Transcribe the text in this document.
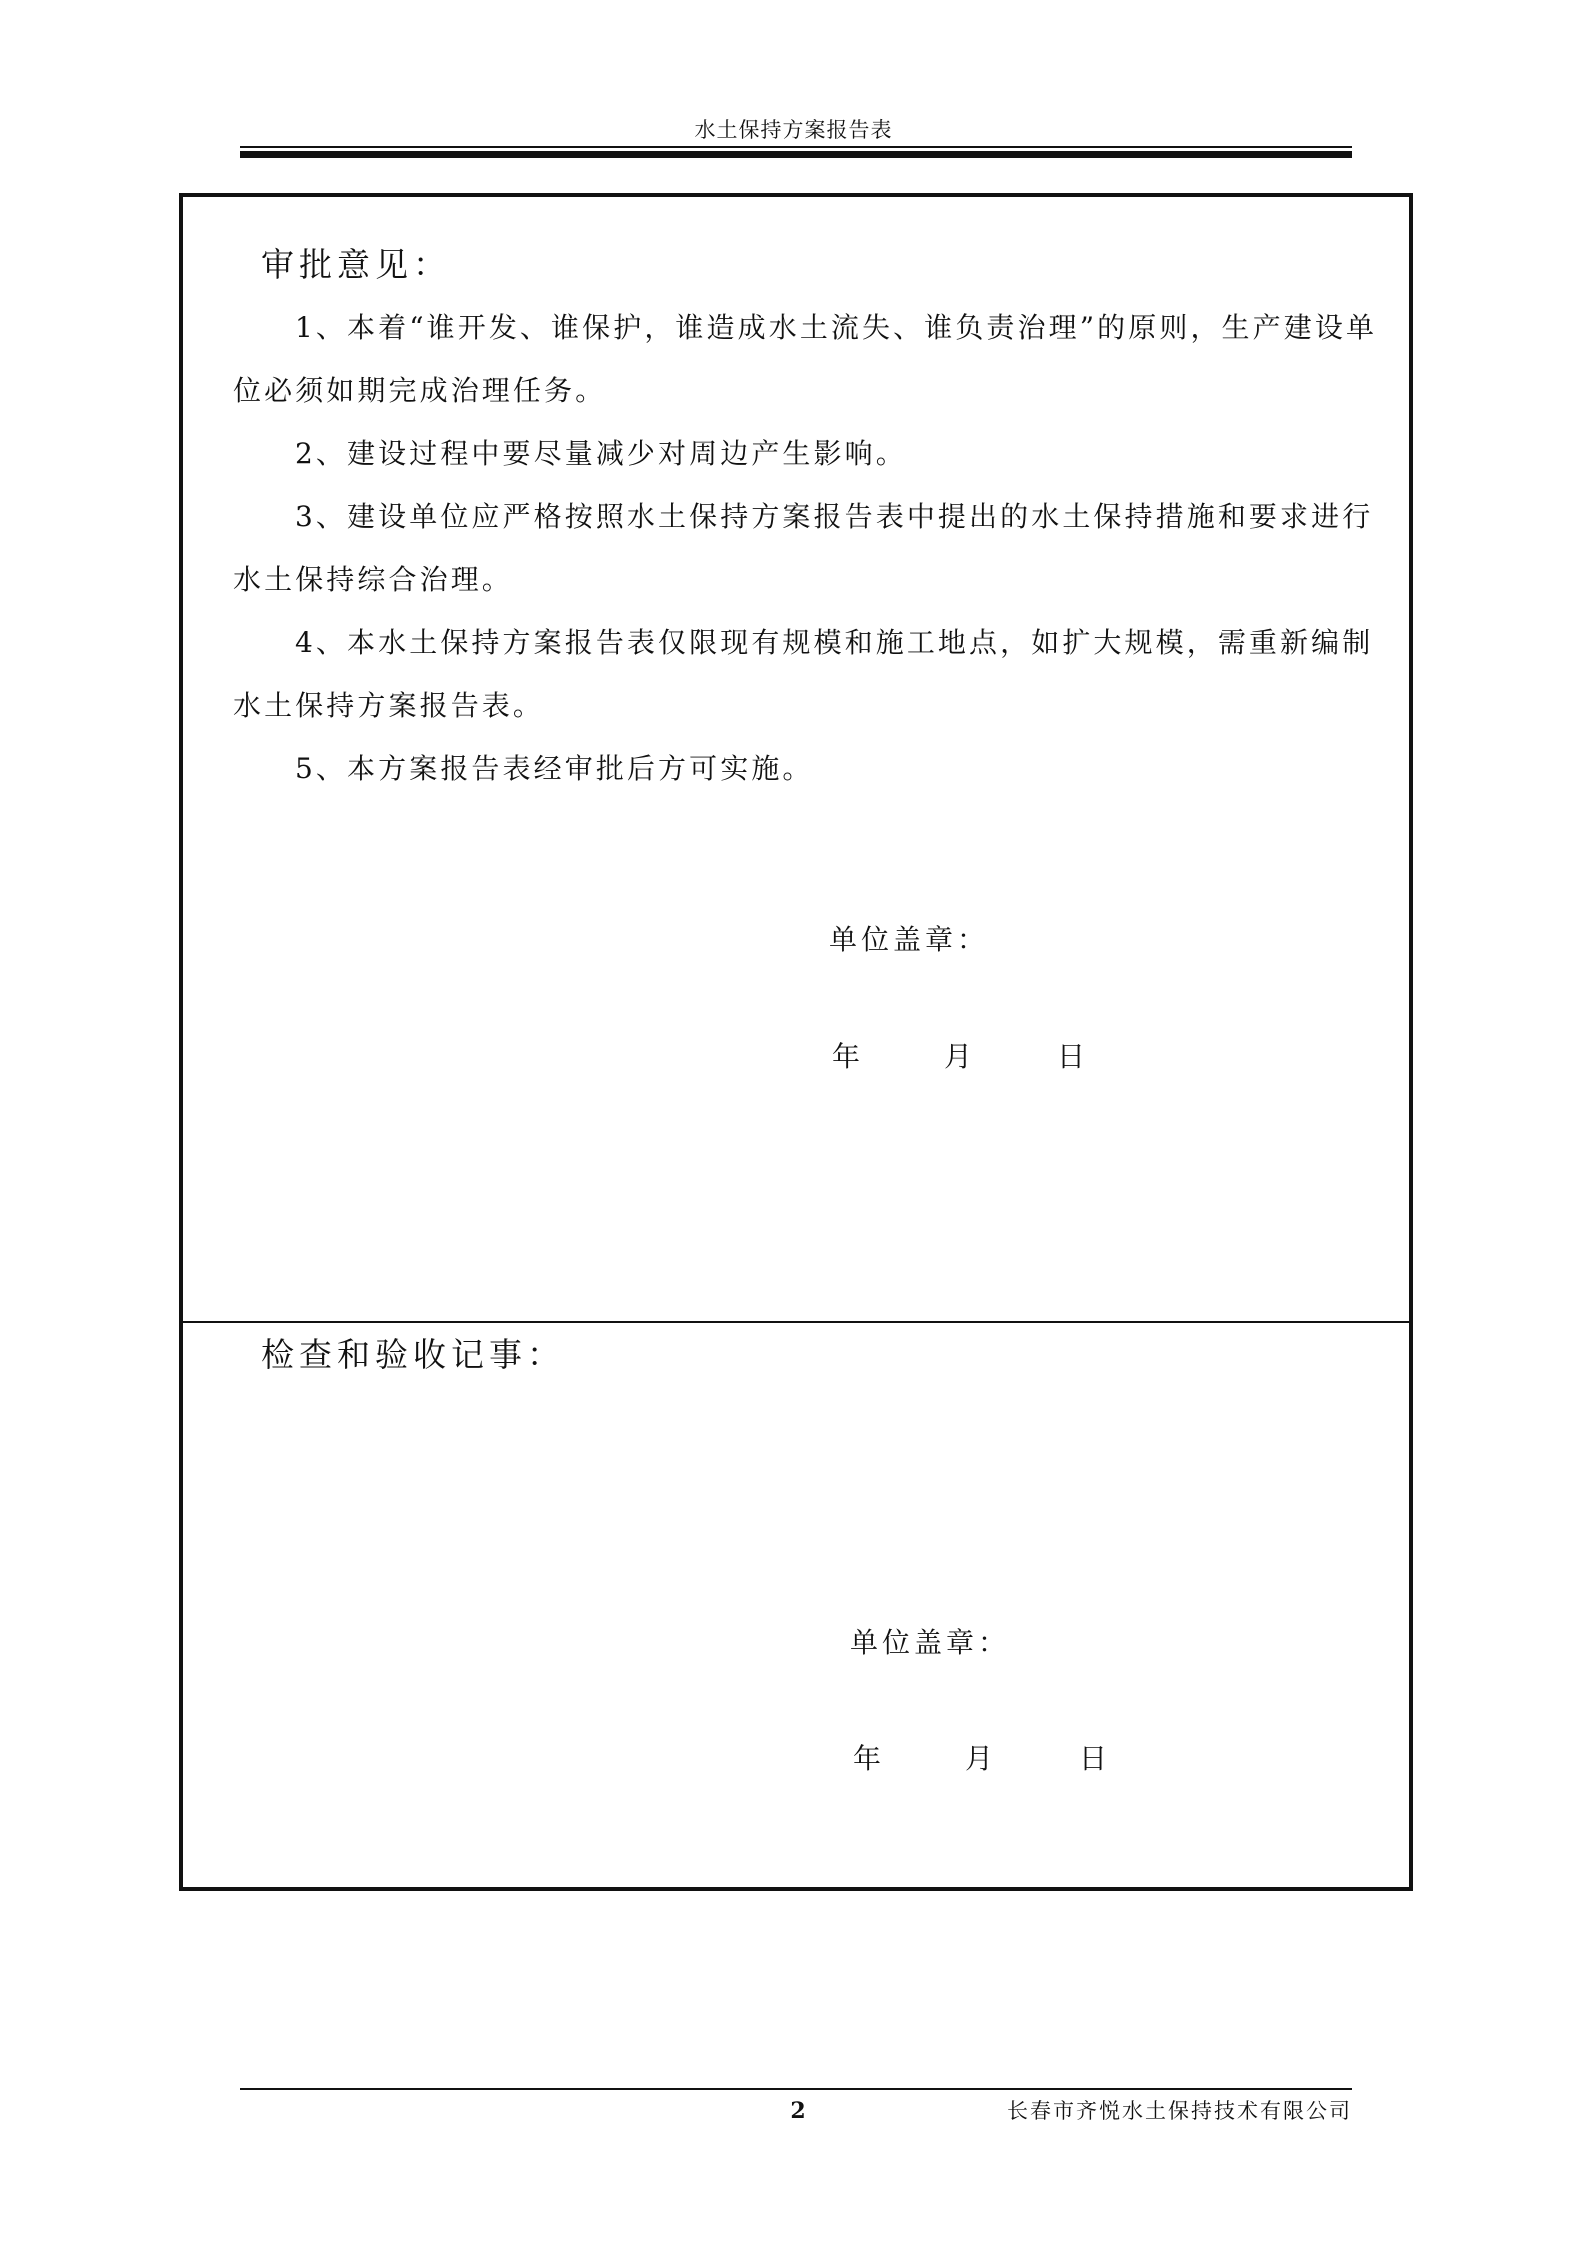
水土保持方案报告表
审批意见：
1、本着“谁开发、谁保护，谁造成水土流失、谁负责治理”的原则，生产建设单
位必须如期完成治理任务。
2、建设过程中要尽量减少对周边产生影响。
3、建设单位应严格按照水土保持方案报告表中提出的水土保持措施和要求进行
水土保持综合治理。
4、本水土保持方案报告表仅限现有规模和施工地点，如扩大规模，需重新编制
水土保持方案报告表。
5、本方案报告表经审批后方可实施。
单位盖章：
年	月	日
检查和验收记事：
单位盖章：
年	月	日
2	长春市齐悦水土保持技术有限公司
